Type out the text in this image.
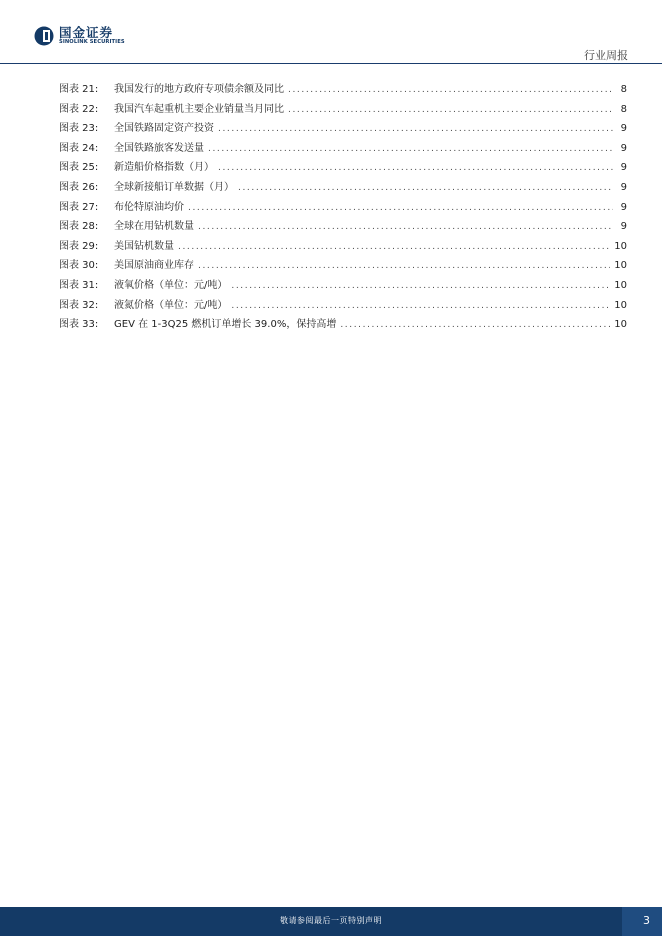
国金证券
SINOLINK SECURITIES
行业周报
图表 21:	我国发行的地方政府专项债余额及同比 .....	8
图表 22:	我国汽车起重机主要企业销量当月同比 .....	8
图表 23:	全国铁路固定资产投资 .....	9
图表 24:	全国铁路旅客发送量 .....	9
图表 25:	新造船价格指数（月） .....	9
图表 26:	全球新接船订单数据（月） .....	9
图表 27:	布伦特原油均价 .....	9
图表 28:	全球在用钻机数量 .....	9
图表 29:	美国钻机数量 .....	10
图表 30:	美国原油商业库存 .....	10
图表 31:	液氧价格（单位：元/吨） .....	10
图表 32:	液氮价格（单位：元/吨） .....	10
图表 33:	GEV 在 1-3Q25 燃机订单增长 39.0%，保持高增 .....	10
敬请参阅最后一页特别声明	3
